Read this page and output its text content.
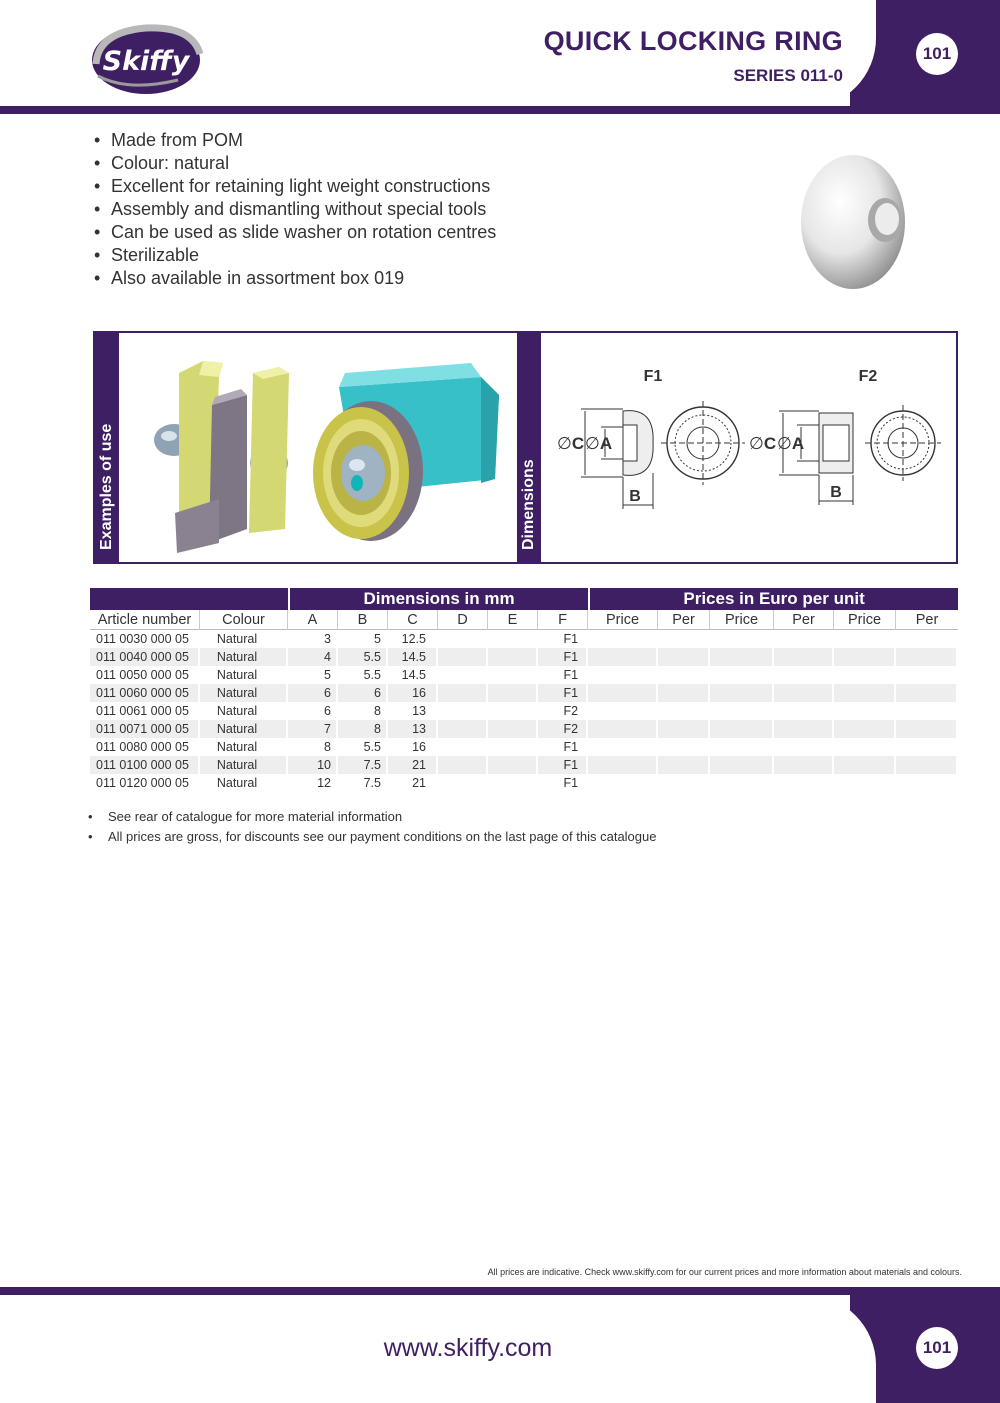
Skiffy
QUICK LOCKING RING
SERIES 011-0
101
• Made from POM
• Colour: natural
• Excellent for retaining light weight constructions
• Assembly and dismantling without special tools
• Can be used as slide washer on rotation centres
• Sterilizable
• Also available in assortment box 019
Examples of use	Dimensions
F1	F2
∅C ∅A
B
∅C ∅A
B
		Dimensions in mm						Prices in Euro per unit					
Article number	Colour	A	B	C	D	E	F	Price	Per	Price	Per	Price	Per
011 0030 000 05	Natural	3	5	12.5			F1						
011 0040 000 05	Natural	4	5.5	14.5			F1						
011 0050 000 05	Natural	5	5.5	14.5			F1						
011 0060 000 05	Natural	6	6	16			F1						
011 0061 000 05	Natural	6	8	13			F2						
011 0071 000 05	Natural	7	8	13			F2						
011 0080 000 05	Natural	8	5.5	16			F1						
011 0100 000 05	Natural	10	7.5	21			F1						
011 0120 000 05	Natural	12	7.5	21			F1						
• See rear of catalogue for more material information
• All prices are gross, for discounts see our payment conditions on the last page of this catalogue
All prices are indicative. Check www.skiffy.com for our current prices and more information about materials and colours.
www.skiffy.com	101
